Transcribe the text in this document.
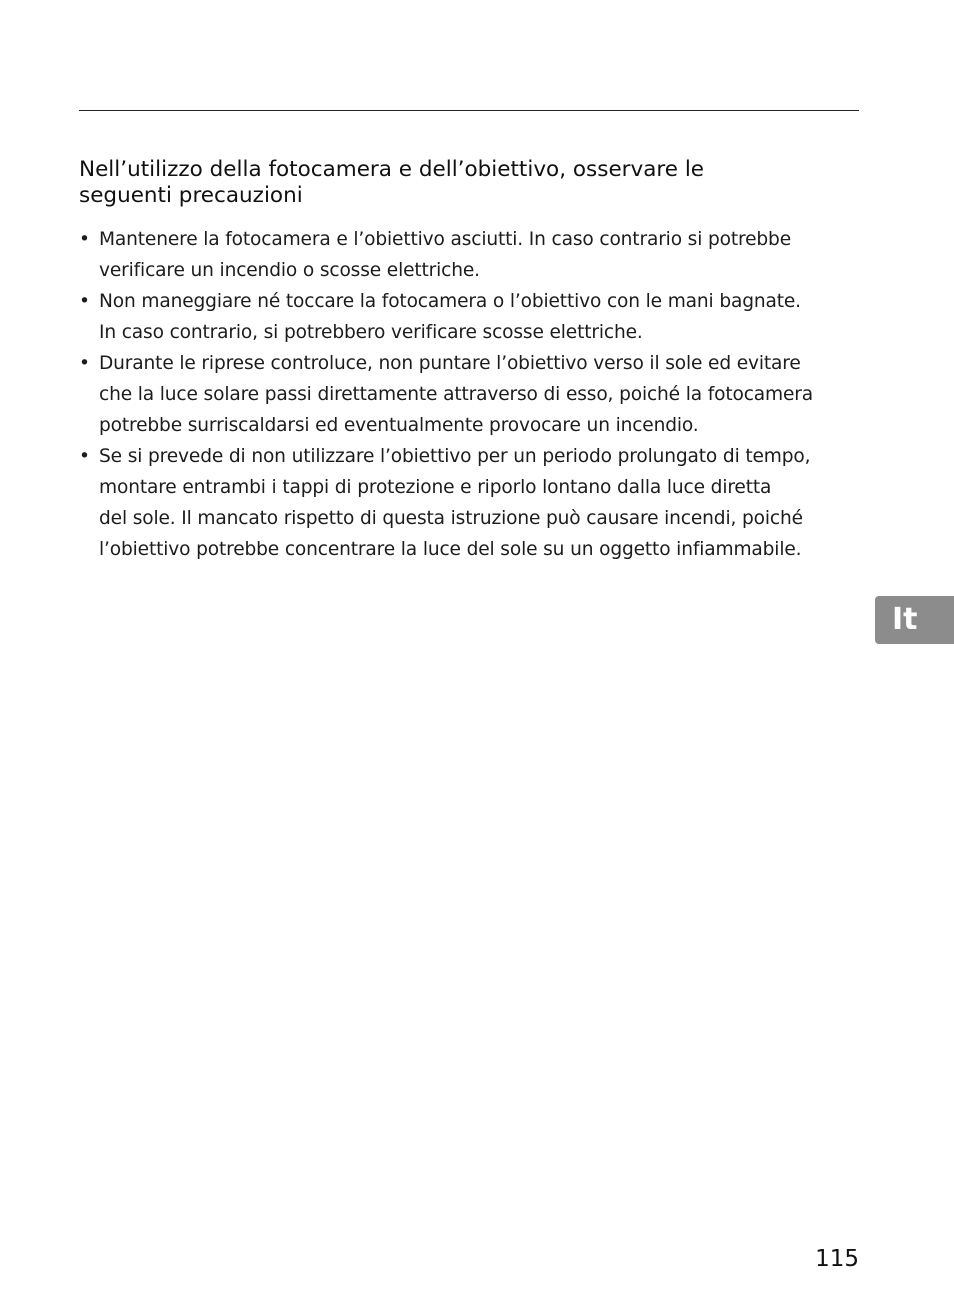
Nell’utilizzo della fotocamera e dell’obiettivo, osservare le
seguenti precauzioni
• Mantenere la fotocamera e l’obiettivo asciutti. In caso contrario si potrebbe
verificare un incendio o scosse elettriche.
• Non maneggiare né toccare la fotocamera o l’obiettivo con le mani bagnate.
In caso contrario, si potrebbero verificare scosse elettriche.
• Durante le riprese controluce, non puntare l’obiettivo verso il sole ed evitare
che la luce solare passi direttamente attraverso di esso, poiché la fotocamera
potrebbe surriscaldarsi ed eventualmente provocare un incendio.
• Se si prevede di non utilizzare l’obiettivo per un periodo prolungato di tempo,
montare entrambi i tappi di protezione e riporlo lontano dalla luce diretta
del sole. Il mancato rispetto di questa istruzione può causare incendi, poiché
l’obiettivo potrebbe concentrare la luce del sole su un oggetto infiammabile.
It
115
